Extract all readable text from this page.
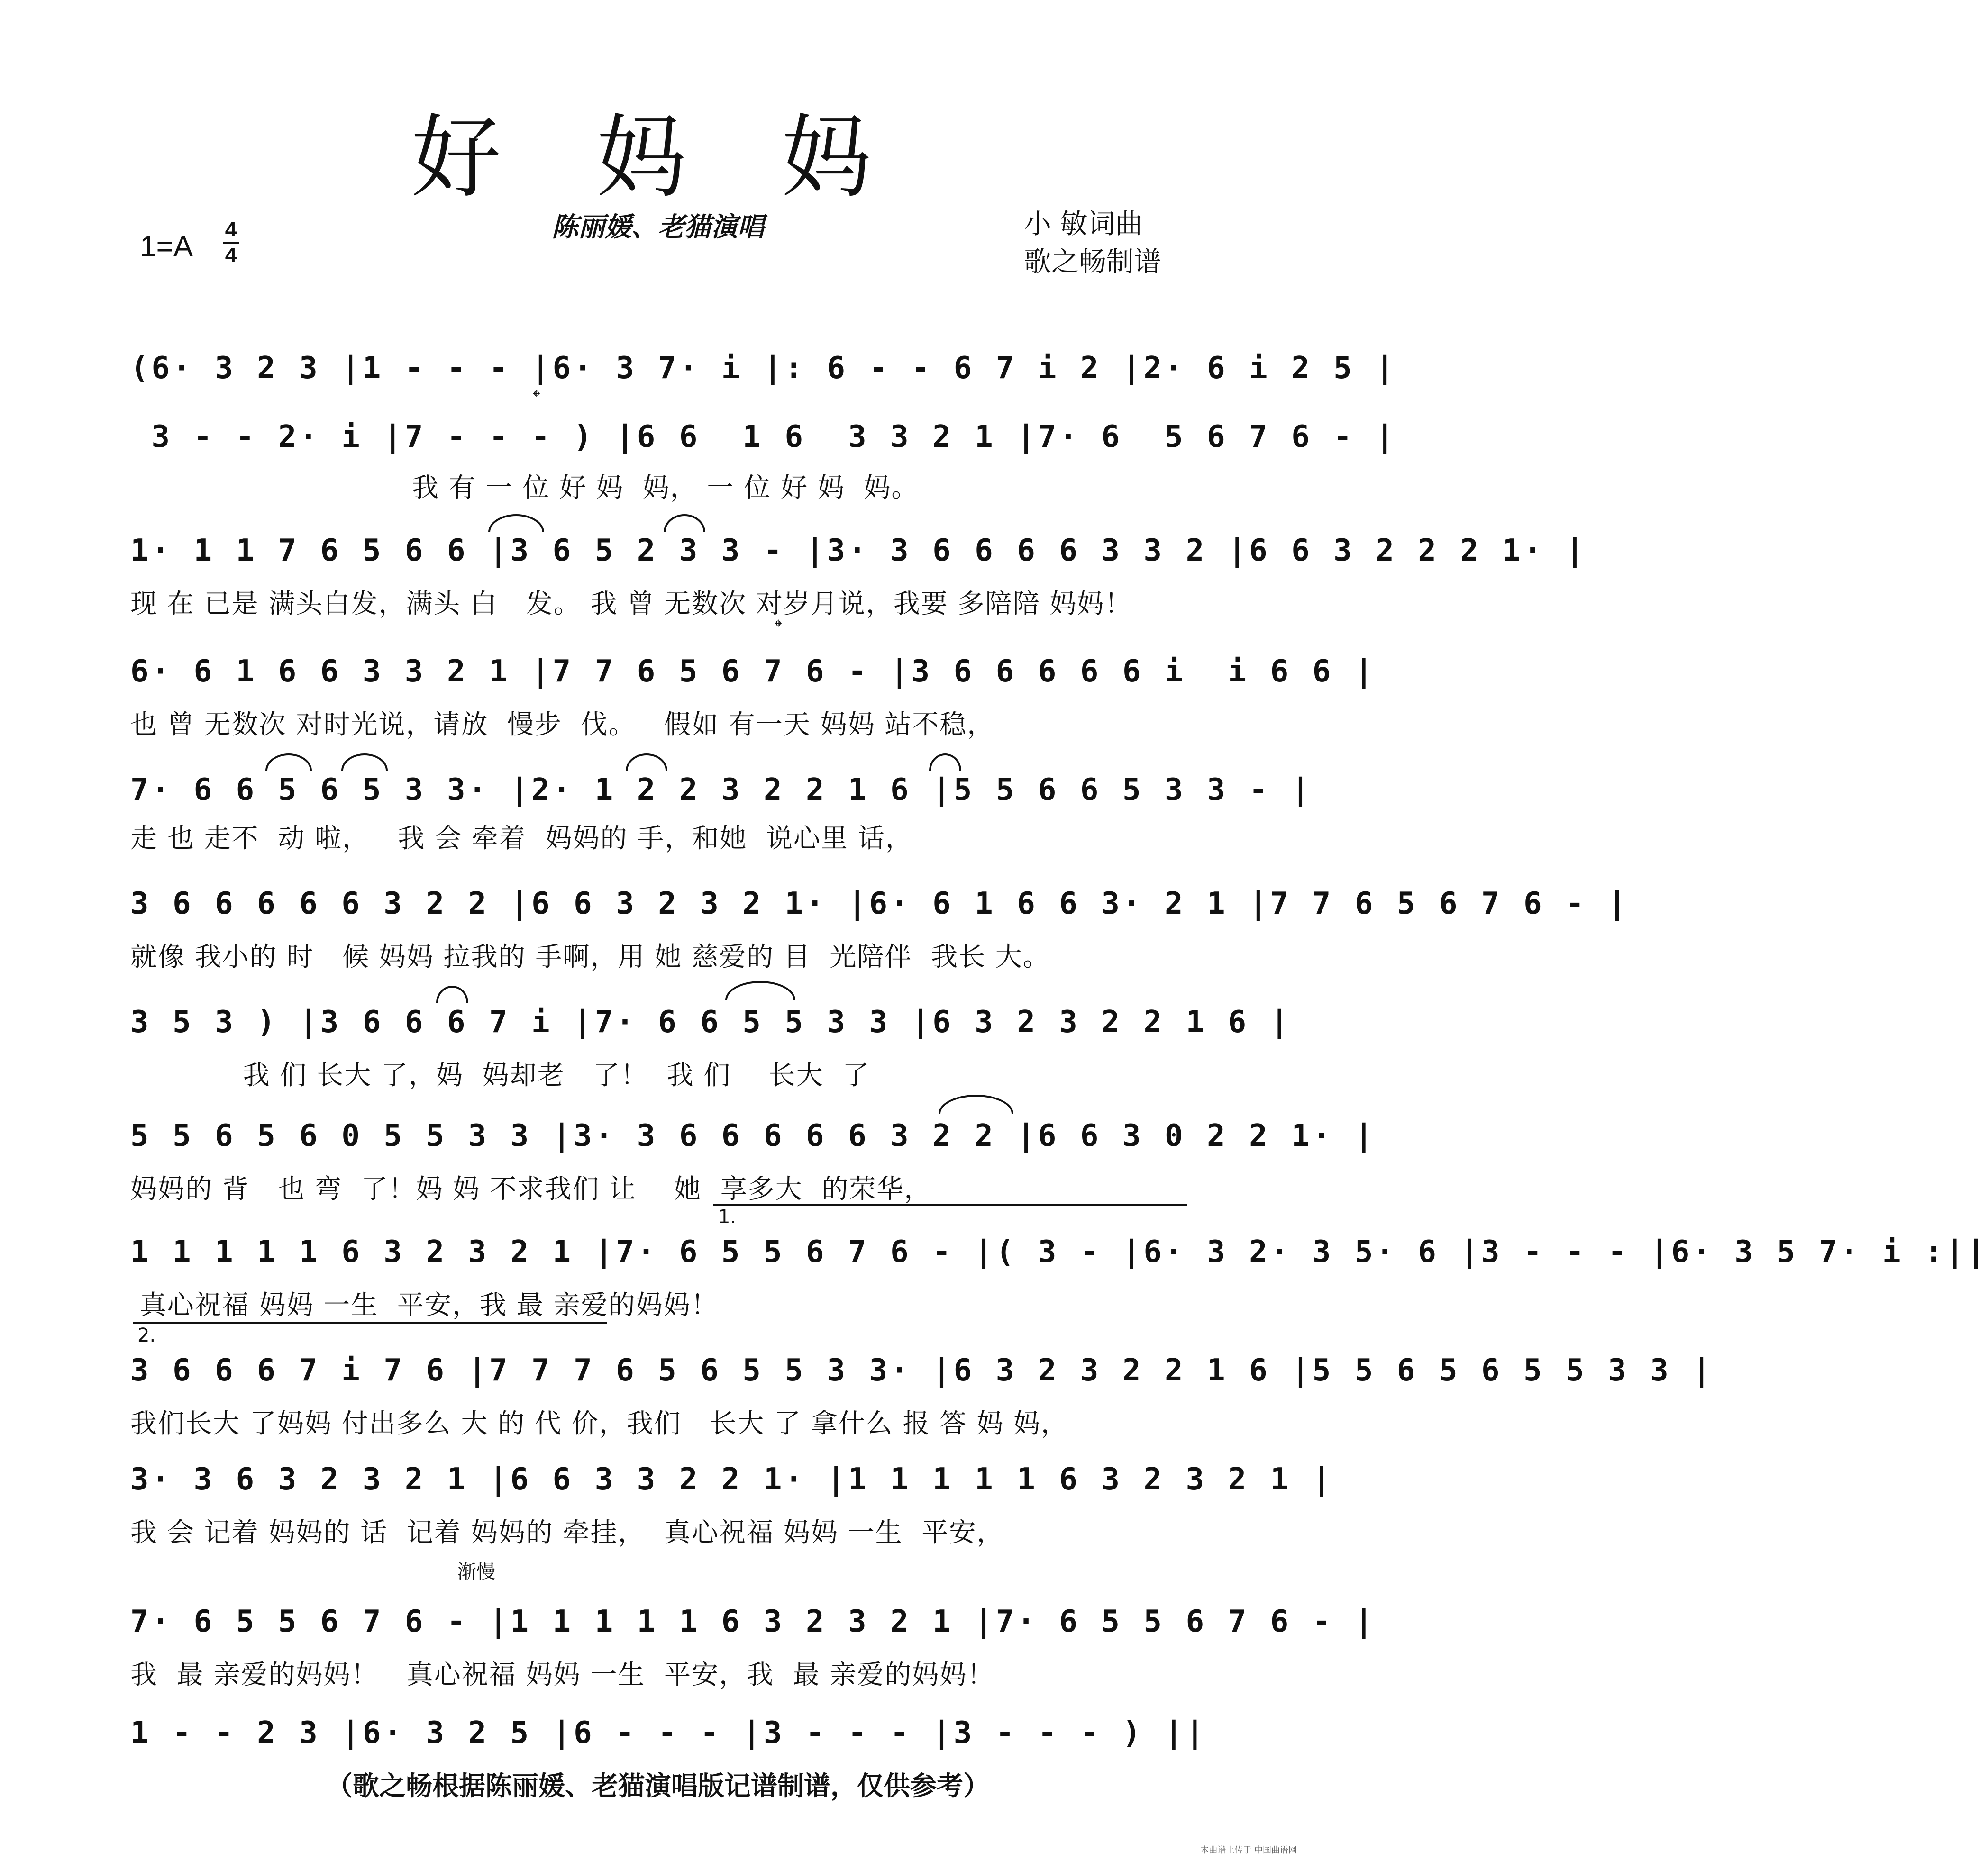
好 妈 妈
1=A
4
4
陈丽媛、老猫演唱	小 敏词曲
歌之畅制谱
(6· 3 2 3 |1 - - - |6· 3 7· i |: 6 - - 6 7 i 2 |2· 6 i 2 5 |
3 - - 2· i |7 - - - ) |6 6  1 6  3 3 2 1 |7· 6  5 6 7 6 - |
我 有 一 位 好 妈  妈， 一 位 好 妈  妈。
1· 1 1 7 6 5 6 6 |3 6 5 2 3 3 - |3· 3 6 6 6 6 3 3 2 |6 6 3 2 2 2 1· |
现 在 已是 满头白发，满头 白   发。 我 曾 无数次 对岁月说，我要 多陪陪 妈妈！
6· 6 1 6 6 3 3 2 1 |7 7 6 5 6 7 6 - |3 6 6 6 6 6 i  i 6 6 |
也 曾 无数次 对时光说，请放  慢步  伐。   假如 有一天 妈妈 站不稳，
7· 6 6 5 6 5 3 3· |2· 1 2 2 3 2 2 1 6 |5 5 6 6 5 3 3 - |
走 也 走不  动 啦，   我 会 牵着  妈妈的 手，和她  说心里 话，
3 6 6 6 6 6 3 2 2 |6 6 3 2 3 2 1· |6· 6 1 6 6 3· 2 1 |7 7 6 5 6 7 6 - |
就像 我小的 时   候 妈妈 拉我的 手啊，用 她 慈爱的 目  光陪伴  我长 大。
3 5 3 ) |3 6 6 6 7 i |7· 6 6 5 5 3 3 |6 3 2 3 2 2 1 6 |
我 们 长大 了，妈  妈却老   了！  我 们    长大  了
5 5 6 5 6 0 5 5 3 3 |3· 3 6 6 6 6 6 3 2 2 |6 6 3 0 2 2 1· |
妈妈的 背   也 弯  了！妈 妈 不求我们 让    她  享多大  的荣华，
1 1 1 1 1 6 3 2 3 2 1 |7· 6 5 5 6 7 6 - |( 3 - |6· 3 2· 3 5· 6 |3 - - - |6· 3 5 7· i :||
真心祝福 妈妈 一生  平安，我 最 亲爱的妈妈！
3 6 6 6 7 i 7 6 |7 7 7 6 5 6 5 5 3 3· |6 3 2 3 2 2 1 6 |5 5 6 5 6 5 5 3 3 |
我们长大 了妈妈 付出多么 大 的 代 价，我们   长大 了 拿什么 报 答 妈 妈，
3· 3 6 3 2 3 2 1 |6 6 3 3 2 2 1· |1 1 1 1 1 6 3 2 3 2 1 |
我 会 记着 妈妈的 话  记着 妈妈的 牵挂，  真心祝福 妈妈 一生  平安，
7· 6 5 5 6 7 6 - |1 1 1 1 1 6 3 2 3 2 1 |7· 6 5 5 6 7 6 - |
我  最 亲爱的妈妈！   真心祝福 妈妈 一生  平安，我  最 亲爱的妈妈！
1 - - 2 3 |6· 3 2 5 |6 - - - |3 - - - |3 - - - ) ||
𝄌
𝄌
渐慢
1.
2.
（歌之畅根据陈丽媛、老猫演唱版记谱制谱，仅供参考）
本曲谱上传于 中国曲谱网
